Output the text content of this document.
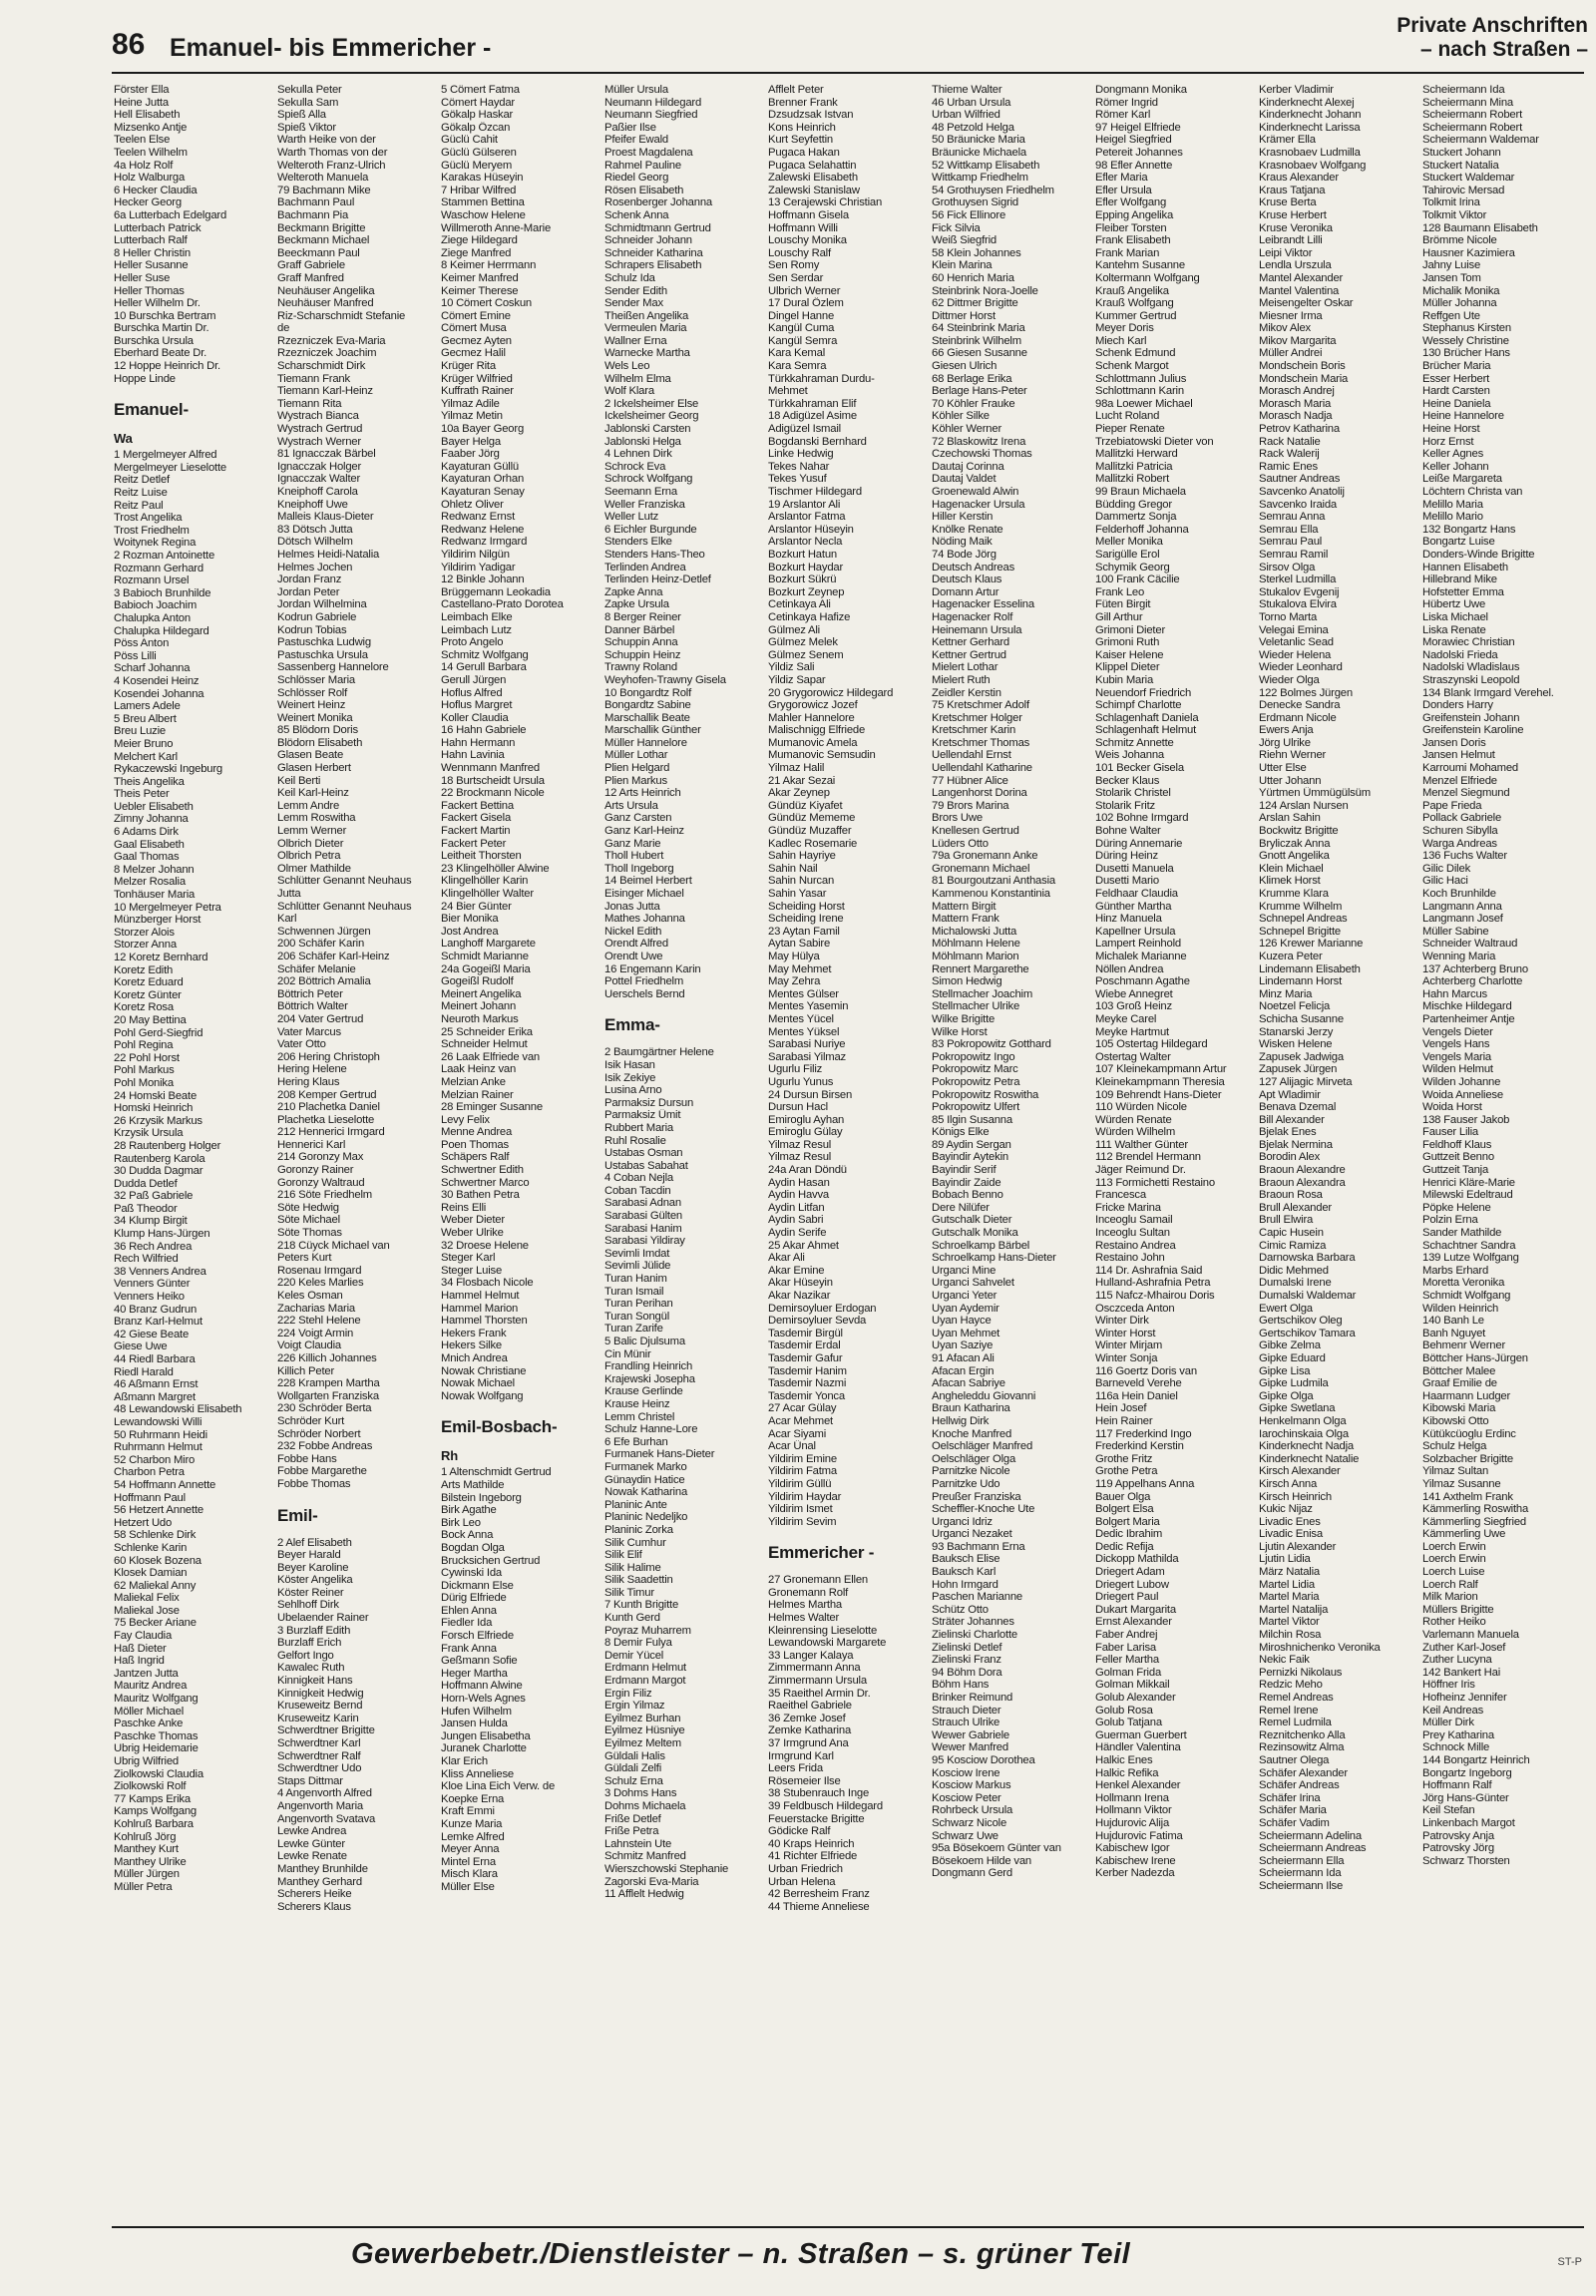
86 Emanuel- bis Emmericher -
Private Anschriften
– nach Straßen –
Förster Ella
Heine Jutta
Hell Elisabeth
Mizsenko Antje
Teelen Else
Teelen Wilhelm
4a Holz Rolf
Holz Walburga
6 Hecker Claudia
Hecker Georg
6a Lutterbach Edelgard
Lutterbach Patrick
Lutterbach Ralf
8 Heller Christin
Heller Susanne
Heller Suse
Heller Thomas
Heller Wilhelm Dr.
10 Burschka Bertram
Burschka Martin Dr.
Burschka Ursula
Eberhard Beate Dr.
12 Hoppe Heinrich Dr.
Hoppe Linde
Emanuel-
Wa
1 Mergelmeyer Alfred
Mergelmeyer Lieselotte
Reitz Detlef
Reitz Luise
Reitz Paul
Trost Angelika
Trost Friedhelm
Woitynek Regina
2 Rozman Antoinette
Rozmann Gerhard
Rozmann Ursel
3 Babioch Brunhilde
Babioch Joachim
Chalupka Anton
Chalupka Hildegard
Pöss Anton
Pöss Lilli
Scharf Johanna
4 Kosendei Heinz
Kosendei Johanna
Lamers Adele
5 Breu Albert
Breu Luzie
Meier Bruno
Melchert Karl
Rykaczewski Ingeburg
Theis Angelika
Theis Peter
Uebler Elisabeth
Zimny Johanna
6 Adams Dirk
Gaal Elisabeth
Gaal Thomas
8 Melzer Johann
Melzer Rosalia
Tonhäuser Maria
10 Mergelmeyer Petra
Münzberger Horst
Storzer Alois
Storzer Anna
12 Koretz Bernhard
Koretz Edith
Koretz Eduard
Koretz Günter
Koretz Rosa
20 May Bettina
Pohl Gerd-Siegfrid
Pohl Regina
22 Pohl Horst
Pohl Markus
Pohl Monika
24 Homski Beate
Homski Heinrich
26 Krzysik Markus
Krzysik Ursula
28 Rautenberg Holger
Rautenberg Karola
30 Dudda Dagmar
Dudda Detlef
32 Paß Gabriele
Paß Theodor
34 Klump Birgit
Klump Hans-Jürgen
36 Rech Andrea
Rech Wilfried
38 Venners Andrea
Venners Günter
Venners Heiko
40 Branz Gudrun
Branz Karl-Helmut
42 Giese Beate
Giese Uwe
44 Riedl Barbara
Riedl Harald
46 Aßmann Ernst
Aßmann Margret
48 Lewandowski Elisabeth
Lewandowski Willi
50 Ruhrmann Heidi
Ruhrmann Helmut
52 Charbon Miro
Charbon Petra
54 Hoffmann Annette
Hoffmann Paul
56 Hetzert Annette
Hetzert Udo
58 Schlenke Dirk
Schlenke Karin
60 Klosek Bozena
Klosek Damian
62 Maliekal Anny
Maliekal Felix
Maliekal Jose
75 Becker Ariane
Fay Claudia
Haß Dieter
Haß Ingrid
Jantzen Jutta
Mauritz Andrea
Mauritz Wolfgang
Möller Michael
Paschke Anke
Paschke Thomas
Ubrig Heidemarie
Ubrig Wilfried
Ziolkowski Claudia
Ziolkowski Rolf
77 Kamps Erika
Kamps Wolfgang
Kohlruß Barbara
Kohlruß Jörg
Manthey Kurt
Manthey Ulrike
Müller Jürgen
Müller Petra
Sekulla Peter
Sekulla Sam
Spieß Alla
Spieß Viktor
Warth Heike von der
Warth Thomas von der
Welteroth Franz-Ulrich
Welteroth Manuela
79 Bachmann Mike
Bachmann Paul
Bachmann Pia
Beckmann Brigitte
Beckmann Michael
Beeckmann Paul
Graff Gabriele
Graff Manfred
Neuhäuser Angelika
Neuhäuser Manfred
Riz-Scharschmidt Stefanie
de
Rzezniczek Eva-Maria
Rzezniczek Joachim
Scharschmidt Dirk
Tiemann Frank
Tiemann Karl-Heinz
Tiemann Rita
Wystrach Bianca
Wystrach Gertrud
Wystrach Werner
81 Ignacczak Bärbel
Ignacczak Holger
Ignacczak Walter
Kneiphoff Carola
Kneiphoff Uwe
Malleis Klaus-Dieter
83 Dötsch Jutta
Dötsch Wilhelm
Helmes Heidi-Natalia
Helmes Jochen
Jordan Franz
Jordan Peter
Jordan Wilhelmina
Kodrun Gabriele
Kodrun Tobias
Pastuschka Ludwig
Pastuschka Ursula
Sassenberg Hannelore
Schlösser Maria
Schlösser Rolf
Weinert Heinz
Weinert Monika
85 Blödorn Doris
Blödorn Elisabeth
Glasen Beate
Glasen Herbert
Keil Berti
Keil Karl-Heinz
Lemm Andre
Lemm Roswitha
Lemm Werner
Olbrich Dieter
Olbrich Petra
Olmer Mathilde
Schlütter Genannt Neuhaus
Jutta
Schlütter Genannt Neuhaus
Karl
Schwennen Jürgen
200 Schäfer Karin
206 Schäfer Karl-Heinz
Schäfer Melanie
202 Böttrich Amalia
Böttrich Peter
Böttrich Walter
204 Vater Gertrud
Vater Marcus
Vater Otto
206 Hering Christoph
Hering Helene
Hering Klaus
208 Kemper Gertrud
210 Plachetka Daniel
Plachetka Lieselotte
212 Hennerici Irmgard
Hennerici Karl
214 Goronzy Max
Goronzy Rainer
Goronzy Waltraud
216 Söte Friedhelm
Söte Hedwig
Söte Michael
Söte Thomas
218 Cüyck Michael van
Peters Kurt
Rosenau Irmgard
220 Keles Marlies
Keles Osman
Zacharias Maria
222 Stehl Helene
224 Voigt Armin
Voigt Claudia
226 Killich Johannes
Killich Peter
228 Krampen Martha
Wollgarten Franziska
230 Schröder Berta
Schröder Kurt
Schröder Norbert
232 Fobbe Andreas
Fobbe Hans
Fobbe Margarethe
Fobbe Thomas
Emil-
2 Alef Elisabeth
Beyer Harald
Beyer Karoline
Köster Angelika
Köster Reiner
Sehlhoff Dirk
Ubelaender Rainer
3 Burzlaff Edith
Burzlaff Erich
Gelfort Ingo
Kawalec Ruth
Kinnigkeit Hans
Kinnigkeit Hedwig
Kruseweitz Bernd
Kruseweitz Karin
Schwerdtner Brigitte
Schwerdtner Karl
Schwerdtner Ralf
Schwerdtner Udo
Staps Dittmar
4 Angenvorth Alfred
Angenvorth Maria
Angenvorth Svatava
Lewke Andrea
Lewke Günter
Lewke Renate
Manthey Brunhilde
Manthey Gerhard
Scherers Heike
Scherers Klaus
5 Cömert Fatma
Cömert Haydar
Gökalp Haskar
Gökalp Özcan
Güclü Cahit
Güclü Gülseren
Güclü Meryem
Karakas Hüseyin
7 Hribar Wilfred
Stammen Bettina
Waschow Helene
Willmeroth Anne-Marie
Ziege Hildegard
Ziege Manfred
8 Keimer Herrmann
Keimer Manfred
Keimer Therese
10 Cömert Coskun
Cömert Emine
Cömert Musa
Gecmez Ayten
Gecmez Halil
Krüger Rita
Krüger Wilfried
Kuffrath Rainer
Yilmaz Adile
Yilmaz Metin
10a Bayer Georg
Bayer Helga
Faaber Jörg
Kayaturan Güllü
Kayaturan Orhan
Kayaturan Senay
Ohletz Oliver
Redwanz Ernst
Redwanz Helene
Redwanz Irmgard
Yildirim Nilgün
Yildirim Yadigar
12 Binkle Johann
Brüggemann Leokadia
Castellano-Prato Dorotea
Leimbach Elke
Leimbach Lutz
Proto Angelo
Schmitz Wolfgang
14 Gerull Barbara
Gerull Jürgen
Hoflus Alfred
Hoflus Margret
Koller Claudia
16 Hahn Gabriele
Hahn Hermann
Hahn Lavinia
Wennmann Manfred
18 Burtscheidt Ursula
22 Brockmann Nicole
Fackert Bettina
Fackert Gisela
Fackert Martin
Fackert Peter
Leitheit Thorsten
23 Klingelhöller Alwine
Klingelhöller Karin
Klingelhöller Walter
24 Bier Günter
Bier Monika
Jost Andrea
Langhoff Margarete
Schmidt Marianne
24a Gogeißl Maria
Gogeißl Rudolf
Meinert Angelika
Meinert Johann
Neuroth Markus
25 Schneider Erika
Schneider Helmut
26 Laak Elfriede van
Laak Heinz van
Melzian Anke
Melzian Rainer
28 Eminger Susanne
Levy Felix
Menne Andrea
Poen Thomas
Schäpers Ralf
Schwertner Edith
Schwertner Marco
30 Bathen Petra
Reins Elli
Weber Dieter
Weber Ulrike
32 Droese Helene
Steger Karl
Steger Luise
34 Flosbach Nicole
Hammel Helmut
Hammel Marion
Hammel Thorsten
Hekers Frank
Hekers Silke
Mnich Andrea
Nowak Christiane
Nowak Michael
Nowak Wolfgang
Emil-Bosbach-
Rh
1 Altenschmidt Gertrud
Arts Mathilde
Bilstein Ingeborg
Birk Agathe
Birk Leo
Bock Anna
Bogdan Olga
Brucksichen Gertrud
Cywinski Ida
Dickmann Else
Dürig Elfriede
Ehlen Anna
Fiedler Ida
Forsch Elfriede
Frank Anna
Geßmann Sofie
Heger Martha
Hoffmann Alwine
Horn-Wels Agnes
Hufen Wilhelm
Jansen Hulda
Jungen Elisabetha
Juranek Charlotte
Klar Erich
Kliss Anneliese
Kloe Lina Eich Verw. de
Koepke Erna
Kraft Emmi
Kunze Maria
Lemke Alfred
Meyer Anna
Mintel Erna
Misch Klara
Müller Else
Müller Ursula
Neumann Hildegard
Neumann Siegfried
Paßier Ilse
Pfeifer Ewald
Proest Magdalena
Rahmel Pauline
Riedel Georg
Rösen Elisabeth
Rosenberger Johanna
Schenk Anna
Schmidtmann Gertrud
Schneider Johann
Schneider Katharina
Schrapers Elisabeth
Schulz Ida
Sender Edith
Sender Max
Theißen Angelika
Vermeulen Maria
Wallner Erna
Warnecke Martha
Wels Leo
Wilhelm Elma
Wolf Klara
2 Ickelsheimer Else
Ickelsheimer Georg
Jablonski Carsten
Jablonski Helga
4 Lehnen Dirk
Schrock Eva
Schrock Wolfgang
Seemann Erna
Weller Franziska
Weller Lutz
6 Eichler Burgunde
Stenders Elke
Stenders Hans-Theo
Terlinden Andrea
Terlinden Heinz-Detlef
Zapke Anna
Zapke Ursula
8 Berger Reiner
Danner Bärbel
Schuppin Anna
Schuppin Heinz
Trawny Roland
Weyhofen-Trawny Gisela
10 Bongardtz Rolf
Bongardtz Sabine
Marschallik Beate
Marschallik Günther
Müller Hannelore
Müller Lothar
Plien Helgard
Plien Markus
12 Arts Heinrich
Arts Ursula
Ganz Carsten
Ganz Karl-Heinz
Ganz Marie
Tholl Hubert
Tholl Ingeborg
14 Beimel Herbert
Eisinger Michael
Jonas Jutta
Mathes Johanna
Nickel Edith
Orendt Alfred
Orendt Uwe
16 Engemann Karin
Pottel Friedhelm
Uerschels Bernd
Emma-
2 Baumgärtner Helene
Isik Hasan
Isik Zekiye
Lusina Arno
Parmaksiz Dursun
Parmaksiz Ümit
Rubbert Maria
Ruhl Rosalie
Ustabas Osman
Ustabas Sabahat
4 Coban Nejla
Coban Tacdin
Sarabasi Adnan
Sarabasi Gülten
Sarabasi Hanim
Sarabasi Yildiray
Sevimli Imdat
Sevimli Jülide
Turan Hanim
Turan Ismail
Turan Perihan
Turan Songül
Turan Zarife
5 Balic Djulsuma
Cin Münir
Frandling Heinrich
Krajewski Josepha
Krause Gerlinde
Krause Heinz
Lemm Christel
Schulz Hanne-Lore
6 Efe Burhan
Furmanek Hans-Dieter
Furmanek Marko
Günaydin Hatice
Nowak Katharina
Planinic Ante
Planinic Nedeljko
Planinic Zorka
Silik Cumhur
Silik Elif
Silik Halime
Silik Saadettin
Silik Timur
7 Kunth Brigitte
Kunth Gerd
Poyraz Muharrem
8 Demir Fulya
Demir Yücel
Erdmann Helmut
Erdmann Margot
Ergin Filiz
Ergin Yilmaz
Eyilmez Burhan
Eyilmez Hüsniye
Eyilmez Meltem
Güldali Halis
Güldali Zelfi
Schulz Erna
3 Dohms Hans
Dohms Michaela
Friße Detlef
Friße Petra
Lahnstein Ute
Schmitz Manfred
Wierszchowski Stephanie
Zagorski Eva-Maria
11 Afflelt Hedwig
Afflelt Peter
Brenner Frank
Dzsudzsak Istvan
Kons Heinrich
Kurt Seyfettin
Pugaca Hakan
Pugaca Selahattin
Zalewski Elisabeth
Zalewski Stanislaw
13 Cerajewski Christian
Hoffmann Gisela
Hoffmann Willi
Louschy Monika
Louschy Ralf
Sen Romy
Sen Serdar
Ulbrich Werner
17 Dural Özlem
Dingel Hanne
Kangül Cuma
Kangül Semra
Kara Kemal
Kara Semra
Türkkahraman Durdu-
Mehmet
Türkkahraman Elif
18 Adigüzel Asime
Adigüzel Ismail
Bogdanski Bernhard
Linke Hedwig
Tekes Nahar
Tekes Yusuf
Tischmer Hildegard
19 Arslantor Ali
Arslantor Fatma
Arslantor Hüseyin
Arslantor Necla
Bozkurt Hatun
Bozkurt Haydar
Bozkurt Sükrü
Bozkurt Zeynep
Cetinkaya Ali
Cetinkaya Hafize
Gülmez Ali
Gülmez Melek
Gülmez Senem
Yildiz Sali
Yildiz Sapar
20 Grygorowicz Hildegard
Grygorowicz Jozef
Mahler Hannelore
Malischnigg Elfriede
Mumanovic Amela
Mumanovic Semsudin
Yilmaz Halil
21 Akar Sezai
Akar Zeynep
Gündüz Kiyafet
Gündüz Mememe
Gündüz Muzaffer
Kadlec Rosemarie
Sahin Hayriye
Sahin Nail
Sahin Nurcan
Sahin Yasar
Scheiding Horst
Scheiding Irene
23 Aytan Famil
Aytan Sabire
May Hülya
May Mehmet
May Zehra
Mentes Gülser
Mentes Yasemin
Mentes Yücel
Mentes Yüksel
Sarabasi Nuriye
Sarabasi Yilmaz
Ugurlu Filiz
Ugurlu Yunus
24 Dursun Birsen
Dursun Hacl
Emiroglu Ayhan
Emiroglu Gülay
Yilmaz Resul
Yilmaz Resul
24a Aran Döndü
Aydin Hasan
Aydin Havva
Aydin Litfan
Aydin Sabri
Aydin Serife
25 Akar Ahmet
Akar Ali
Akar Emine
Akar Hüseyin
Akar Nazikar
Demirsoyluer Erdogan
Demirsoyluer Sevda
Tasdemir Birgül
Tasdemir Erdal
Tasdemir Gafur
Tasdemir Hanim
Tasdemir Nazmi
Tasdemir Yonca
27 Acar Gülay
Acar Mehmet
Acar Siyami
Acar Ünal
Yildirim Emine
Yildirim Fatma
Yildirim Güllü
Yildirim Haydar
Yildirim Ismet
Yildirim Sevim
Emmericher -
27 Gronemann Ellen
Gronemann Rolf
Helmes Martha
Helmes Walter
Kleinrensing Lieselotte
Lewandowski Margarete
33 Langer Kalaya
Zimmermann Anna
Zimmermann Ursula
35 Raeithel Armin Dr.
Raeithel Gabriele
36 Zemke Josef
Zemke Katharina
37 Irmgrund Ana
Irmgrund Karl
Leers Frida
Rösemeier Ilse
38 Stubenrauch Inge
39 Feldbusch Hildegard
Feuerstacke Brigitte
Gödicke Ralf
40 Kraps Heinrich
41 Richter Elfriede
Urban Friedrich
Urban Helena
42 Berresheim Franz
44 Thieme Anneliese
Thieme Walter
46 Urban Ursula
Urban Wilfried
48 Petzold Helga
50 Bräunicke Maria
Bräunicke Michaela
52 Wittkamp Elisabeth
Wittkamp Friedhelm
54 Grothuysen Friedhelm
Grothuysen Sigrid
56 Fick Ellinore
Fick Silvia
Weiß Siegfrid
58 Klein Johannes
Klein Marina
60 Henrich Maria
Steinbrink Nora-Joelle
62 Dittmer Brigitte
Dittmer Horst
64 Steinbrink Maria
Steinbrink Wilhelm
66 Giesen Susanne
Giesen Ulrich
68 Berlage Erika
Berlage Hans-Peter
70 Köhler Frauke
Köhler Silke
Köhler Werner
72 Blaskowitz Irena
Czechowski Thomas
Dautaj Corinna
Dautaj Valdet
Groenewald Alwin
Hagenacker Ursula
Hiller Kerstin
Knölke Renate
Nöding Maik
74 Bode Jörg
Deutsch Andreas
Deutsch Klaus
Domann Artur
Hagenacker Esselina
Hagenacker Rolf
Heinemann Ursula
Kettner Gerhard
Kettner Gertrud
Mielert Lothar
Mielert Ruth
Zeidler Kerstin
75 Kretschmer Adolf
Kretschmer Holger
Kretschmer Karin
Kretschmer Thomas
Uellendahl Ernst
Uellendahl Katharine
77 Hübner Alice
Langenhorst Dorina
79 Brors Marina
Brors Uwe
Knellesen Gertrud
Lüders Otto
79a Gronemann Anke
Gronemann Michael
81 Bourgoutzani Anthasia
Kammenou Konstantinia
Mattern Birgit
Mattern Frank
Michalowski Jutta
Möhlmann Helene
Möhlmann Marion
Rennert Margarethe
Simon Hedwig
Stellmacher Joachim
Stellmacher Ulrike
Wilke Brigitte
Wilke Horst
83 Pokropowitz Gotthard
Pokropowitz Ingo
Pokropowitz Marc
Pokropowitz Petra
Pokropowitz Roswitha
Pokropowitz Ulfert
85 Ilgin Susanna
Königs Elke
89 Aydin Sergan
Bayindir Aytekin
Bayindir Serif
Bayindir Zaide
Bobach Benno
Dere Nilüfer
Gutschalk Dieter
Gutschalk Monika
Schroelkamp Bärbel
Schroelkamp Hans-Dieter
Urganci Mine
Urganci Sahvelet
Urganci Yeter
Uyan Aydemir
Uyan Hayce
Uyan Mehmet
Uyan Saziye
91 Afacan Ali
Afacan Ergin
Afacan Sabriye
Angheleddu Giovanni
Braun Katharina
Hellwig Dirk
Knoche Manfred
Oelschläger Manfred
Oelschläger Olga
Parnitzke Nicole
Parnitzke Udo
Preußer Franziska
Scheffler-Knoche Ute
Urganci Idriz
Urganci Nezaket
93 Bachmann Erna
Bauksch Elise
Bauksch Karl
Hohn Irmgard
Paschen Marianne
Schütz Otto
Sträter Johannes
Zielinski Charlotte
Zielinski Detlef
Zielinski Franz
94 Böhm Dora
Böhm Hans
Brinker Reimund
Strauch Dieter
Strauch Ulrike
Wewer Gabriele
Wewer Manfred
95 Kosciow Dorothea
Kosciow Irene
Kosciow Markus
Kosciow Peter
Rohrbeck Ursula
Schwarz Nicole
Schwarz Uwe
95a Bösekoem Günter van
Bösekoem Hilde van
Dongmann Gerd
Dongmann Monika
Römer Ingrid
Römer Karl
97 Heigel Elfriede
Heigel Siegfried
Petereit Johannes
98 Efler Annette
Efler Maria
Efler Ursula
Efler Wolfgang
Epping Angelika
Fleiber Torsten
Frank Elisabeth
Frank Marian
Kantehm Susanne
Koltermann Wolfgang
Krauß Angelika
Krauß Wolfgang
Kummer Gertrud
Meyer Doris
Miech Karl
Schenk Edmund
Schenk Margot
Schlottmann Julius
Schlottmann Karin
98a Loewer Michael
Lucht Roland
Pieper Renate
Trzebiatowski Dieter von
Mallitzki Herward
Mallitzki Patricia
Mallitzki Robert
99 Braun Michaela
Büdding Gregor
Dammertz Sonja
Felderhoff Johanna
Meller Monika
Sarigülle Erol
Schymik Georg
100 Frank Cäcilie
Frank Leo
Füten Birgit
Gill Arthur
Grimoni Dieter
Grimoni Ruth
Kaiser Helene
Klippel Dieter
Kubin Maria
Neuendorf Friedrich
Schimpf Charlotte
Schlagenhaft Daniela
Schlagenhaft Helmut
Schmitz Annette
Weis Johanna
101 Becker Gisela
Becker Klaus
Stolarik Christel
Stolarik Fritz
102 Bohne Irmgard
Bohne Walter
Düring Annemarie
Düring Heinz
Dusetti Manuela
Dusetti Mario
Feldhaar Claudia
Günther Martha
Hinz Manuela
Kapellner Ursula
Lampert Reinhold
Michalek Marianne
Nöllen Andrea
Poschmann Agathe
Wiebe Annegret
103 Groß Heinz
Meyke Carel
Meyke Hartmut
105 Ostertag Hildegard
Ostertag Walter
107 Kleinekampmann Artur
Kleinekampmann Theresia
109 Behrendt Hans-Dieter
110 Würden Nicole
Würden Renate
Würden Wilhelm
111 Walther Günter
112 Brendel Hermann
Jäger Reimund Dr.
113 Formichetti Restaino
Francesca
Fricke Marina
Inceoglu Samail
Inceoglu Sultan
Restaino Andrea
Restaino John
114 Dr. Ashrafnia Said
Hulland-Ashrafnia Petra
115 Nafcz-Mhairou Doris
Osczceda Anton
Winter Dirk
Winter Horst
Winter Mirjam
Winter Sonja
116 Goertz Doris van
Barneveld Verehe
116a Hein Daniel
Hein Josef
Hein Rainer
117 Frederkind Ingo
Frederkind Kerstin
Grothe Fritz
Grothe Petra
119 Appelhans Anna
Bauer Olga
Bolgert Elsa
Bolgert Maria
Dedic Ibrahim
Dedic Refija
Dickopp Mathilda
Driegert Adam
Driegert Lubow
Driegert Paul
Dukart Margarita
Ernst Alexander
Faber Andrej
Faber Larisa
Feller Martha
Golman Frida
Golman Mikkail
Golub Alexander
Golub Rosa
Golub Tatjana
Guerman Guerbert
Händler Valentina
Halkic Enes
Halkic Refika
Henkel Alexander
Hollmann Irena
Hollmann Viktor
Hujdurovic Alija
Hujdurovic Fatima
Kabischew Igor
Kabischew Irene
Kerber Nadezda
Kerber Vladimir
Kinderknecht Alexej
Kinderknecht Johann
Kinderknecht Larissa
Krämer Ella
Krasnobaev Ludmilla
Krasnobaev Wolfgang
Kraus Alexander
Kraus Tatjana
Kruse Berta
Kruse Herbert
Kruse Veronika
Leibrandt Lilli
Leipi Viktor
Lendla Urszula
Mantel Alexander
Mantel Valentina
Meisengelter Oskar
Miesner Irma
Mikov Alex
Mikov Margarita
Müller Andrei
Mondschein Boris
Mondschein Maria
Morasch Andrej
Morasch Maria
Morasch Nadja
Petrov Katharina
Rack Natalie
Rack Walerij
Ramic Enes
Sautner Andreas
Savcenko Anatolij
Savcenko Iraida
Semrau Anna
Semrau Ella
Semrau Paul
Semrau Ramil
Sirsov Olga
Sterkel Ludmilla
Stukalov Evgenij
Stukalova Elvira
Torno Marta
Velegai Emina
Veletanlic Sead
Wieder Helena
Wieder Leonhard
Wieder Olga
122 Bolmes Jürgen
Denecke Sandra
Erdmann Nicole
Ewers Anja
Jörg Ulrike
Riehn Werner
Utter Else
Utter Johann
Yürtmen Ümmügülsüm
124 Arslan Nursen
Arslan Sahin
Bockwitz Brigitte
Bryliczak Anna
Gnott Angelika
Klein Michael
Klimek Horst
Krumme Klara
Krumme Wilhelm
Schnepel Andreas
Schnepel Brigitte
126 Krewer Marianne
Kuzera Peter
Lindemann Elisabeth
Lindemann Horst
Minz Maria
Noetzel Felicja
Schicha Susanne
Stanarski Jerzy
Wisken Helene
Zapusek Jadwiga
Zapusek Jürgen
127 Alijagic Mirveta
Apt Wladimir
Benava Dzemal
Bill Alexander
Bjelak Enes
Bjelak Nermina
Borodin Alex
Braoun Alexandre
Braoun Alexandra
Braoun Rosa
Brull Alexander
Brull Elwira
Capic Husein
Cimic Ramiza
Darnowska Barbara
Didic Mehmed
Dumalski Irene
Dumalski Waldemar
Ewert Olga
Gertschikov Oleg
Gertschikov Tamara
Gibke Zelma
Gipke Eduard
Gipke Lisa
Gipke Ludmila
Gipke Olga
Gipke Swetlana
Henkelmann Olga
Iarochinskaia Olga
Kinderknecht Nadja
Kinderknecht Natalie
Kirsch Alexander
Kirsch Anna
Kirsch Heinrich
Kukic Nijaz
Livadic Enes
Livadic Enisa
Ljutin Alexander
Ljutin Lidia
März Natalia
Martel Lidia
Martel Maria
Martel Natalija
Martel Viktor
Milchin Rosa
Miroshnichenko Veronika
Nekic Faik
Pernizki Nikolaus
Redzic Meho
Remel Andreas
Remel Irene
Remel Ludmila
Reznitchenko Alla
Rezinsowitz Alma
Sautner Olega
Schäfer Alexander
Schäfer Andreas
Schäfer Irina
Schäfer Maria
Schäfer Vadim
Scheiermann Adelina
Scheiermann Andreas
Scheiermann Ella
Scheiermann Ida
Scheiermann Ilse
Scheiermann Ida
Scheiermann Mina
Scheiermann Robert
Scheiermann Robert
Scheiermann Waldemar
Stuckert Johann
Stuckert Natalia
Stuckert Waldemar
Tahirovic Mersad
Tolkmit Irina
Tolkmit Viktor
128 Baumann Elisabeth
Brömme Nicole
Hausner Kazimiera
Jahny Luise
Jansen Tom
Michalik Monika
Müller Johanna
Reffgen Ute
Stephanus Kirsten
Wessely Christine
130 Brücher Hans
Brücher Maria
Esser Herbert
Hardt Carsten
Heine Daniela
Heine Hannelore
Heine Horst
Horz Ernst
Keller Agnes
Keller Johann
Leiße Margareta
Löchtern Christa van
Melillo Maria
Melillo Mario
132 Bongartz Hans
Bongartz Luise
Donders-Winde Brigitte
Hannen Elisabeth
Hillebrand Mike
Hofstetter Emma
Hübertz Uwe
Liska Michael
Liska Renate
Morawiec Christian
Nadolski Frieda
Nadolski Wladislaus
Straszynski Leopold
134 Blank Irmgard Verehel.
Donders Harry
Greifenstein Johann
Greifenstein Karoline
Jansen Doris
Jansen Helmut
Karroumi Mohamed
Menzel Elfriede
Menzel Siegmund
Pape Frieda
Pollack Gabriele
Schuren Sibylla
Warga Andreas
136 Fuchs Walter
Gilic Dilek
Gilic Haci
Koch Brunhilde
Langmann Anna
Langmann Josef
Müller Sabine
Schneider Waltraud
Wenning Maria
137 Achterberg Bruno
Achterberg Charlotte
Hahn Marcus
Mischke Hildegard
Partenheimer Antje
Vengels Dieter
Vengels Hans
Vengels Maria
Wilden Helmut
Wilden Johanne
Woida Anneliese
Woida Horst
138 Fauser Jakob
Fauser Lilia
Feldhoff Klaus
Guttzeit Benno
Guttzeit Tanja
Henrici Kläre-Marie
Milewski Edeltraud
Pöpke Helene
Polzin Erna
Sander Mathilde
Schachtner Sandra
139 Lutze Wolfgang
Marbs Erhard
Moretta Veronika
Schmidt Wolfgang
Wilden Heinrich
140 Banh Le
Banh Nguyet
Behmenr Werner
Böttcher Hans-Jürgen
Böttcher Malee
Graaf Emilie de
Haarmann Ludger
Kibowski Maria
Kibowski Otto
Kütükcüoglu Erdinc
Schulz Helga
Solzbacher Brigitte
Yilmaz Sultan
Yilmaz Susanne
141 Axthelm Frank
Kämmerling Roswitha
Kämmerling Siegfried
Kämmerling Uwe
Loerch Erwin
Loerch Erwin
Loerch Luise
Loerch Ralf
Milk Marion
Müllers Brigitte
Rother Heiko
Varlemann Manuela
Zuther Karl-Josef
Zuther Lucyna
142 Bankert Hai
Höffner Iris
Hofheinz Jennifer
Keil Andreas
Müller Dirk
Prey Katharina
Schnock Mille
144 Bongartz Heinrich
Bongartz Ingeborg
Hoffmann Ralf
Jörg Hans-Günter
Keil Stefan
Linkenbach Margot
Patrovsky Anja
Patrovsky Jörg
Schwarz Thorsten
Gewerbebetr./Dienstleister – n. Straßen – s. grüner Teil	ST-P
